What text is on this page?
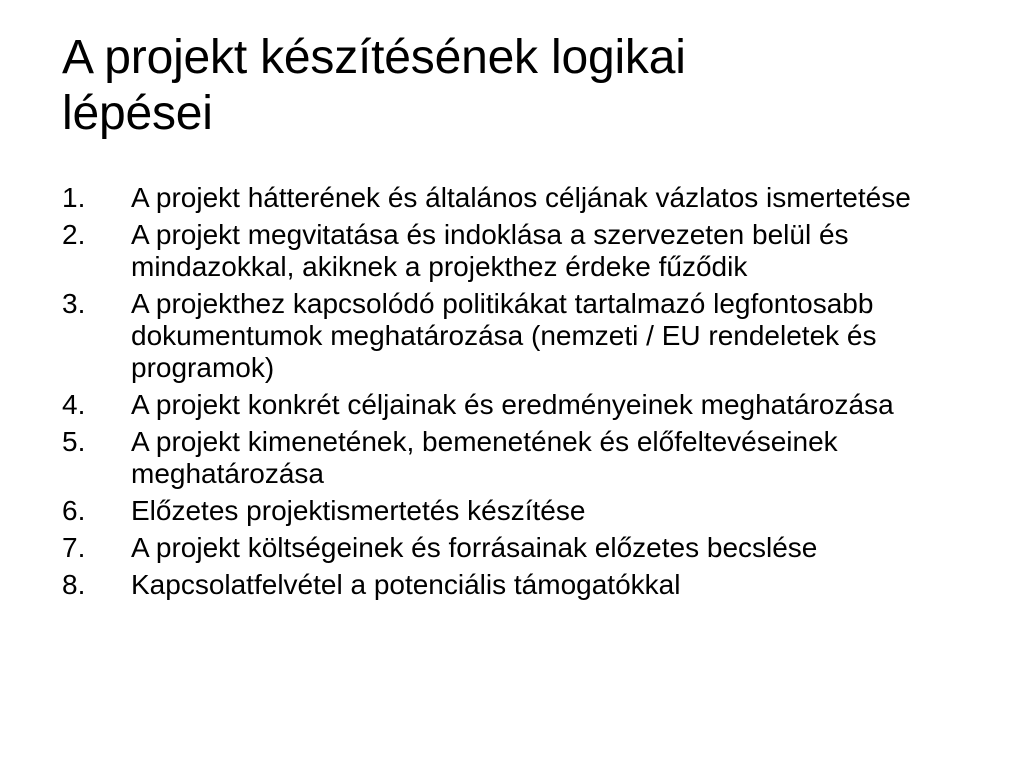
A projekt készítésének logikai
lépései
1.	A projekt hátterének és általános céljának vázlatos ismertetése
2.	A projekt megvitatása és indoklása a szervezeten belül és mindazokkal, akiknek a projekthez érdeke fűződik
3.	A projekthez kapcsolódó politikákat tartalmazó legfontosabb dokumentumok meghatározása (nemzeti / EU rendeletek és programok)
4.	A projekt konkrét céljainak és eredményeinek meghatározása
5.	A projekt kimenetének, bemenetének és előfeltevéseinek meghatározása
6.	Előzetes projektismertetés készítése
7.	A projekt költségeinek és forrásainak előzetes becslése
8.	Kapcsolatfelvétel a potenciális támogatókkal
